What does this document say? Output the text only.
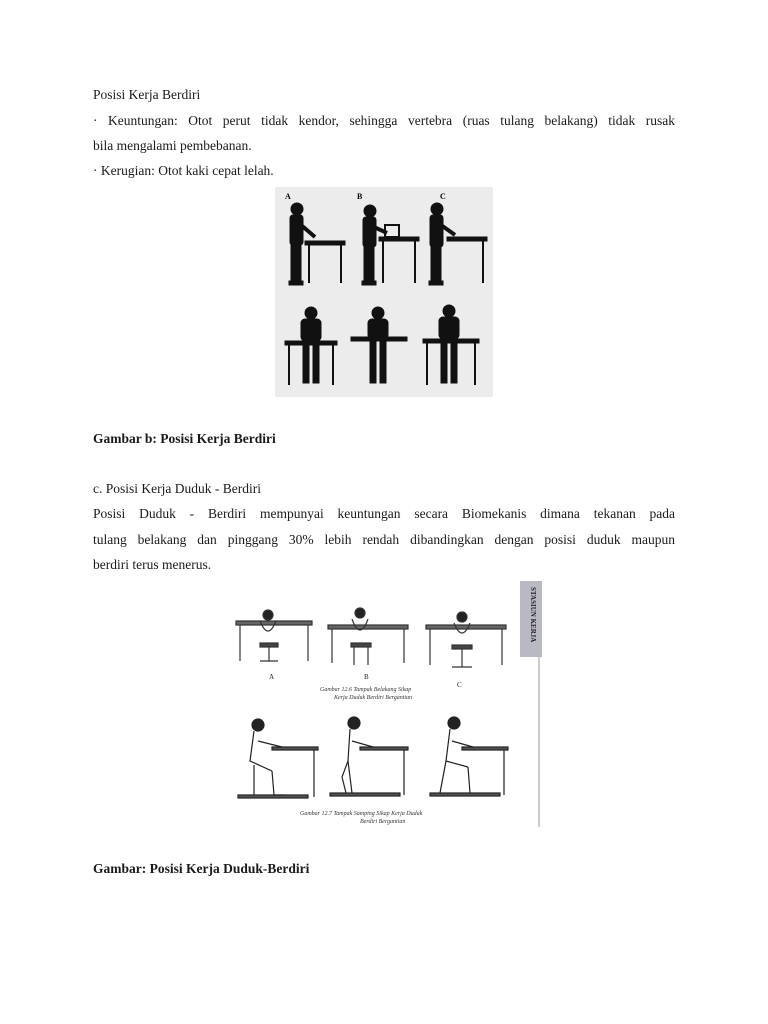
Posisi Kerja Berdiri
· Keuntungan: Otot perut tidak kendor, sehingga vertebra (ruas tulang belakang) tidak rusak
bila mengalami pembebanan.
· Kerugian: Otot kaki cepat lelah.
A	B	C
Gambar b: Posisi Kerja Berdiri
c. Posisi Kerja Duduk - Berdiri
Posisi Duduk - Berdiri mempunyai keuntungan secara Biomekanis dimana tekanan pada
tulang belakang dan pinggang 30% lebih rendah dibandingkan dengan posisi duduk maupun
berdiri terus menerus.
STASIUN KERJA
A	B
C
Gambar 12.6 Tampak Belakang Sikap
Kerja Duduk Berdiri Bergantian
Gambar 12.7 Tampak Samping Sikap Kerja Duduk
Berdiri Bergantian
Gambar: Posisi Kerja Duduk-Berdiri
